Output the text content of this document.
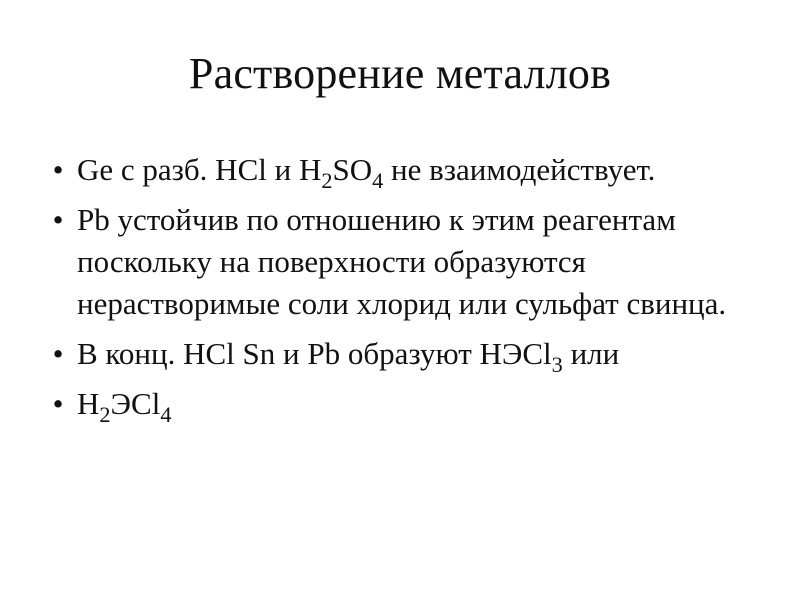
Растворение металлов
• Ge с разб. HCl и $H_2SO_4$ не взаимодействует.
• Pb устойчив по отношению к этим реагентам поскольку на поверхности образуются нерастворимые соли хлорид или сульфат свинца.
• В конц. HCl Sn и Pb образуют НЭCl$_3$ или
• $H_2ЭCl_4$
